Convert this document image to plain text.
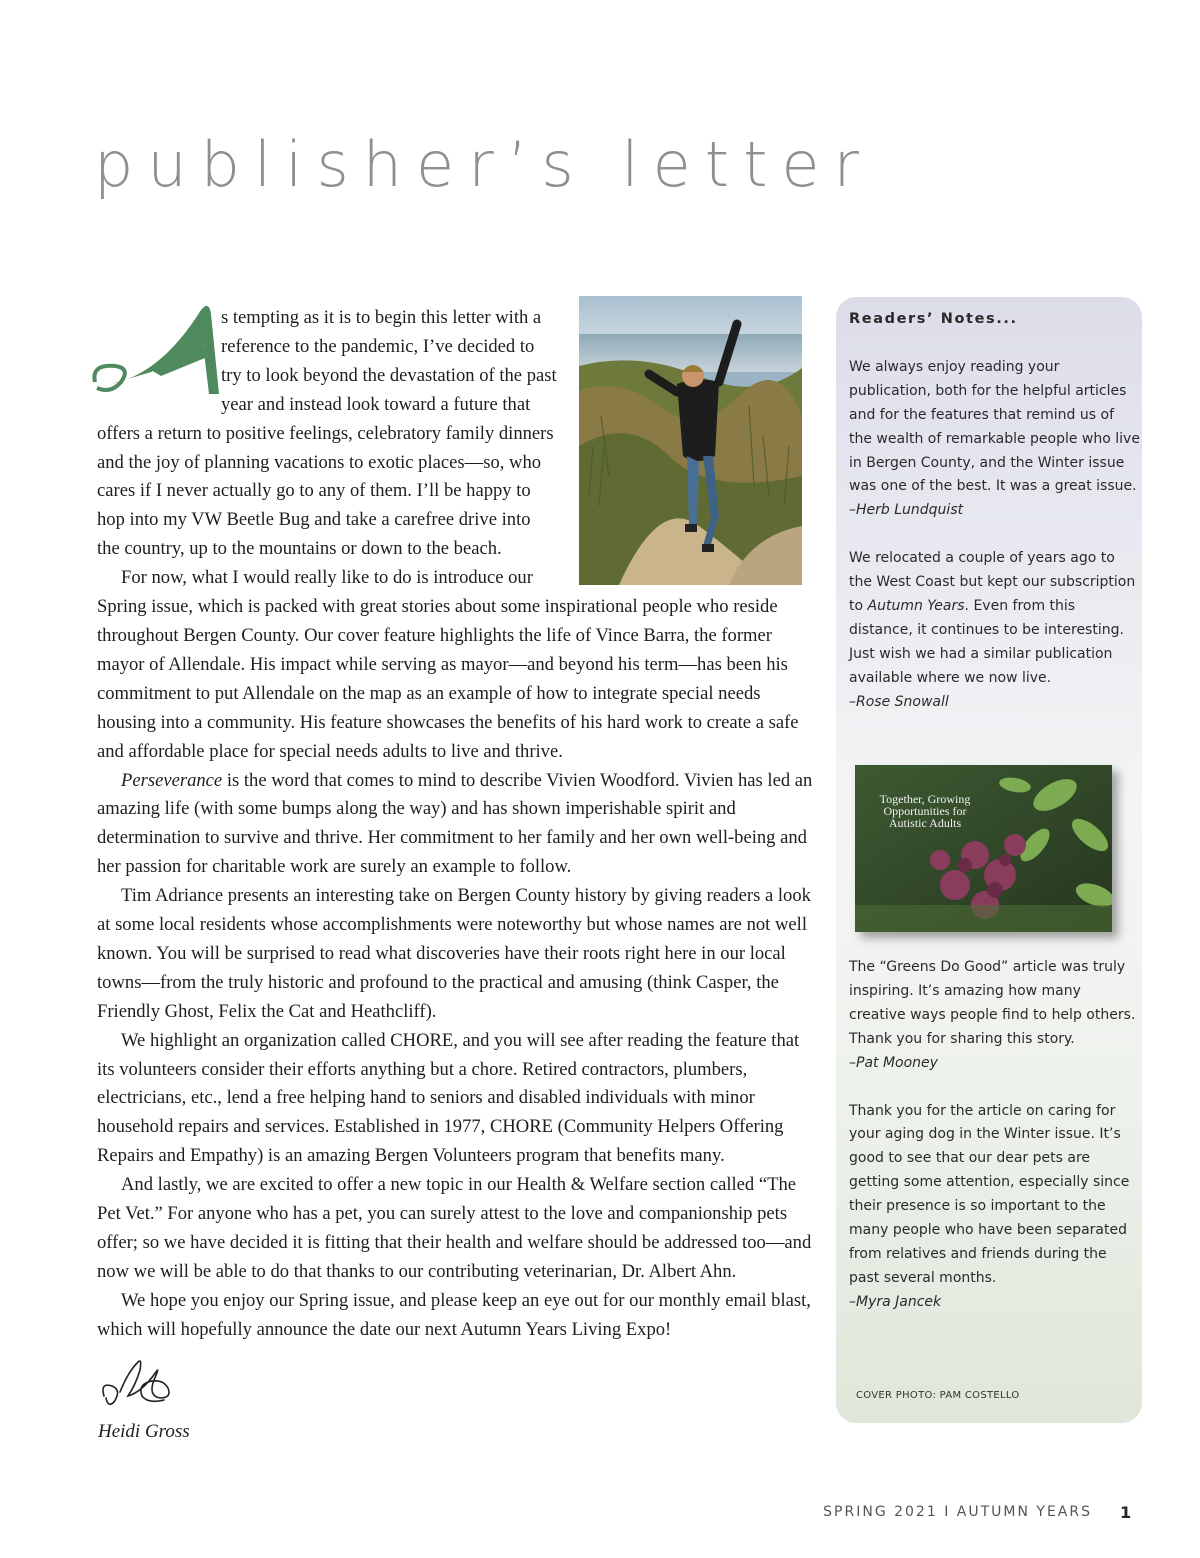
publisher’s letter

s tempting as it is to begin this letter with a reference to the pandemic, I’ve decided to try to look beyond the devastation of the past year and instead look toward a future that offers a return to positive feelings, celebratory family dinners and the joy of planning vacations to exotic places—so, who cares if I never actually go to any of them. I’ll be happy to hop into my VW Beetle Bug and take a carefree drive into the country, up to the mountains or down to the beach.

For now, what I would really like to do is introduce our Spring issue, which is packed with great stories about some inspirational people who reside throughout Bergen County. Our cover feature highlights the life of Vince Barra, the former mayor of Allendale. His impact while serving as mayor—and beyond his term—has been his commitment to put Allendale on the map as an example of how to integrate special needs housing into a community. His feature showcases the benefits of his hard work to create a safe and affordable place for special needs adults to live and thrive.

Perseverance is the word that comes to mind to describe Vivien Woodford. Vivien has led an amazing life (with some bumps along the way) and has shown imperishable spirit and determination to survive and thrive. Her commitment to her family and her own well-being and her passion for charitable work are surely an example to follow.

Tim Adriance presents an interesting take on Bergen County history by giving readers a look at some local residents whose accomplishments were noteworthy but whose names are not well known. You will be surprised to read what discoveries have their roots right here in our local towns—from the truly historic and profound to the practical and amusing (think Casper, the Friendly Ghost, Felix the Cat and Heathcliff).

We highlight an organization called CHORE, and you will see after reading the feature that its volunteers consider their efforts anything but a chore. Retired contractors, plumbers, electricians, etc., lend a free helping hand to seniors and disabled individuals with minor household repairs and services. Established in 1977, CHORE (Community Helpers Offering Repairs and Empathy) is an amazing Bergen Volunteers program that benefits many.

And lastly, we are excited to offer a new topic in our Health & Welfare section called “The Pet Vet.” For anyone who has a pet, you can surely attest to the love and companionship pets offer; so we have decided it is fitting that their health and welfare should be addressed too—and now we will be able to do that thanks to our contributing veterinarian, Dr. Albert Ahn.

We hope you enjoy our Spring issue, and please keep an eye out for our monthly email blast, which will hopefully announce the date our next Autumn Years Living Expo!

Heidi Gross
Readers’ Notes...

We always enjoy reading your publication, both for the helpful articles and for the features that remind us of the wealth of remarkable people who live in Bergen County, and the Winter issue was one of the best. It was a great issue.
–Herb Lundquist

We relocated a couple of years ago to the West Coast but kept our subscription to Autumn Years. Even from this distance, it continues to be interesting. Just wish we had a similar publication available where we now live.
–Rose Snowall

Together, Growing Opportunities for Autistic Adults

The “Greens Do Good” article was truly inspiring. It’s amazing how many creative ways people find to help others. Thank you for sharing this story.
–Pat Mooney

Thank you for the article on caring for your aging dog in the Winter issue. It’s good to see that our dear pets are getting some attention, especially since their presence is so important to the many people who have been separated from relatives and friends during the past several months.
–Myra Jancek

COVER PHOTO: PAM COSTELLO
SPRING 2021 I AUTUMN YEARS 1
